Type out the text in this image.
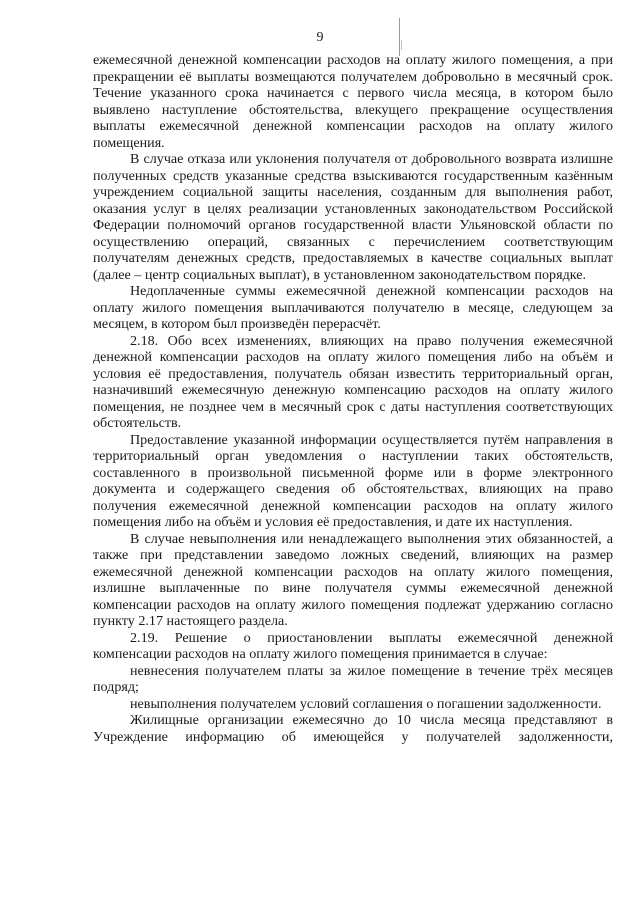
9

ежемесячной денежной компенсации расходов на оплату жилого помещения, а при прекращении её выплаты возмещаются получателем добровольно в месячный срок. Течение указанного срока начинается с первого числа месяца, в котором было выявлено наступление обстоятельства, влекущего прекращение осуществления выплаты ежемесячной денежной компенсации расходов на оплату жилого помещения.

В случае отказа или уклонения получателя от добровольного возврата излишне полученных средств указанные средства взыскиваются государственным казённым учреждением социальной защиты населения, созданным для выполнения работ, оказания услуг в целях реализации установленных законодательством Российской Федерации полномочий органов государственной власти Ульяновской области по осуществлению операций, связанных с перечислением соответствующим получателям денежных средств, предоставляемых в качестве социальных выплат (далее – центр социальных выплат), в установленном законодательством порядке.

Недоплаченные суммы ежемесячной денежной компенсации расходов на оплату жилого помещения выплачиваются получателю в месяце, следующем за месяцем, в котором был произведён перерасчёт.

2.18. Обо всех изменениях, влияющих на право получения ежемесячной денежной компенсации расходов на оплату жилого помещения либо на объём и условия её предоставления, получатель обязан известить территориальный орган, назначивший ежемесячную денежную компенсацию расходов на оплату жилого помещения, не позднее чем в месячный срок с даты наступления соответствующих обстоятельств.

Предоставление указанной информации осуществляется путём направления в территориальный орган уведомления о наступлении таких обстоятельств, составленного в произвольной письменной форме или в форме электронного документа и содержащего сведения об обстоятельствах, влияющих на право получения ежемесячной денежной компенсации расходов на оплату жилого помещения либо на объём и условия её предоставления, и дате их наступления.

В случае невыполнения или ненадлежащего выполнения этих обязанностей, а также при представлении заведомо ложных сведений, влияющих на размер ежемесячной денежной компенсации расходов на оплату жилого помещения, излишне выплаченные по вине получателя суммы ежемесячной денежной компенсации расходов на оплату жилого помещения подлежат удержанию согласно пункту 2.17 настоящего раздела.

2.19. Решение о приостановлении выплаты ежемесячной денежной компенсации расходов на оплату жилого помещения принимается в случае:

невнесения получателем платы за жилое помещение в течение трёх месяцев подряд;

невыполнения получателем условий соглашения о погашении задолженности.

Жилищные организации ежемесячно до 10 числа месяца представляют в Учреждение информацию об имеющейся у получателей задолженности,
